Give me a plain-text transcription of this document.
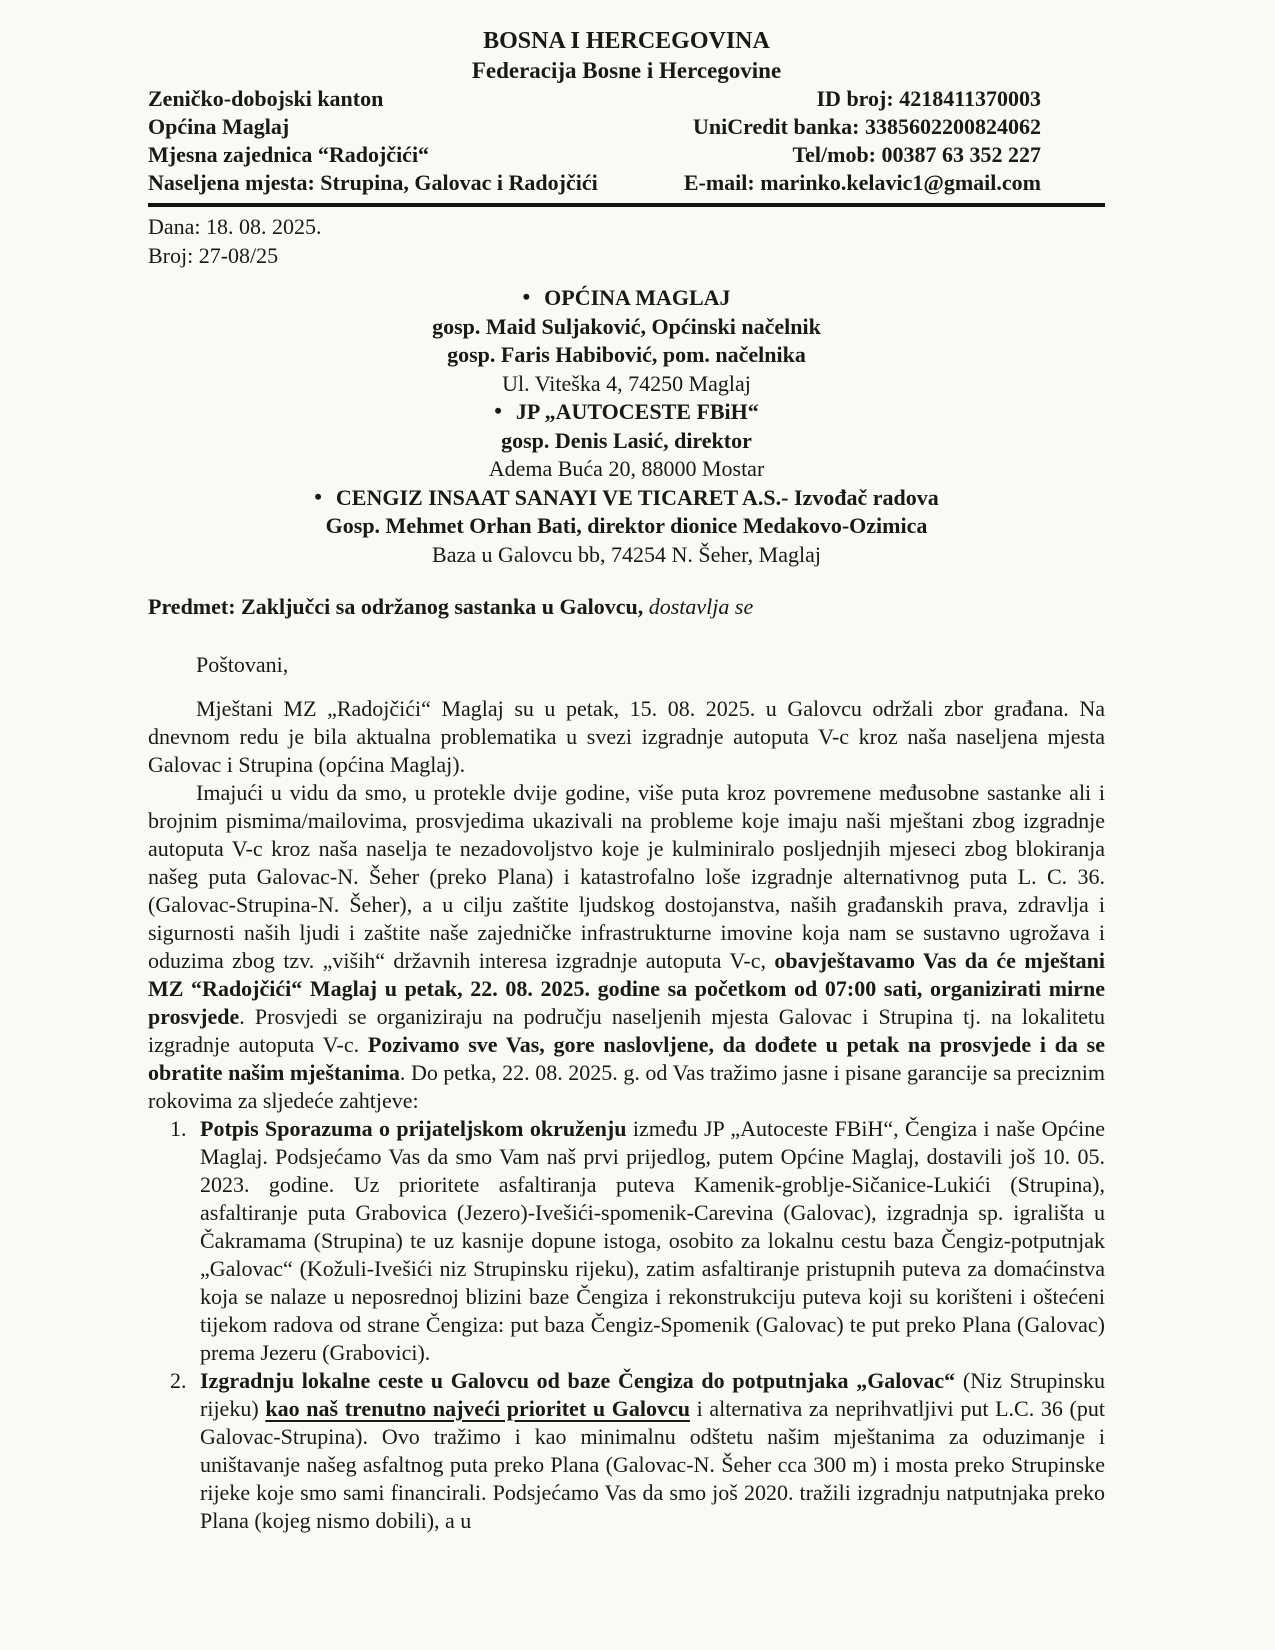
BOSNA I HERCEGOVINA
Federacija Bosne i Hercegovine
Zeničko-dobojski kanton	ID broj: 4218411370003
Općina Maglaj	UniCredit banka: 3385602200824062
Mjesna zajednica “Radojčići“	Tel/mob: 00387 63 352 227
Naseljena mjesta: Strupina, Galovac i Radojčići	E-mail: marinko.kelavic1@gmail.com
Dana: 18. 08. 2025.
Broj: 27-08/25
• OPĆINA MAGLAJ
gosp. Maid Suljaković, Općinski načelnik
gosp. Faris Habibović, pom. načelnika
Ul. Viteška 4, 74250 Maglaj
• JP „AUTOCESTE FBiH“
gosp. Denis Lasić, direktor
Adema Buća 20, 88000 Mostar
• CENGIZ INSAAT SANAYI VE TICARET A.S.- Izvođač radova
Gosp. Mehmet Orhan Bati, direktor dionice Medakovo-Ozimica
Baza u Galovcu bb, 74254 N. Šeher, Maglaj
Predmet: Zaključci sa održanog sastanka u Galovcu, dostavlja se
Poštovani,

Mještani MZ „Radojčići“ Maglaj su u petak, 15. 08. 2025. u Galovcu održali zbor građana. Na dnevnom redu je bila aktualna problematika u svezi izgradnje autoputa V-c kroz naša naseljena mjesta Galovac i Strupina (općina Maglaj).

Imajući u vidu da smo, u protekle dvije godine, više puta kroz povremene međusobne sastanke ali i brojnim pismima/mailovima, prosvjedima ukazivali na probleme koje imaju naši mještani zbog izgradnje autoputa V-c kroz naša naselja te nezadovoljstvo koje je kulminiralo posljednjih mjeseci zbog blokiranja našeg puta Galovac-N. Šeher (preko Plana) i katastrofalno loše izgradnje alternativnog puta L. C. 36. (Galovac-Strupina-N. Šeher), a u cilju zaštite ljudskog dostojanstva, naših građanskih prava, zdravlja i sigurnosti naših ljudi i zaštite naše zajedničke infrastrukturne imovine koja nam se sustavno ugrožava i oduzima zbog tzv. „viših“ državnih interesa izgradnje autoputa V-c, obavještavamo Vas da će mještani MZ “Radojčići“ Maglaj u petak, 22. 08. 2025. godine sa početkom od 07:00 sati, organizirati mirne prosvjede. Prosvjedi se organiziraju na području naseljenih mjesta Galovac i Strupina tj. na lokalitetu izgradnje autoputa V-c. Pozivamo sve Vas, gore naslovljene, da dođete u petak na prosvjede i da se obratite našim mještanima. Do petka, 22. 08. 2025. g. od Vas tražimo jasne i pisane garancije sa preciznim rokovima za sljedeće zahtjeve:

1. Potpis Sporazuma o prijateljskom okruženju između JP „Autoceste FBiH“, Čengiza i naše Općine Maglaj. Podsjećamo Vas da smo Vam naš prvi prijedlog, putem Općine Maglaj, dostavili još 10. 05. 2023. godine. Uz prioritete asfaltiranja puteva Kamenik-groblje-Sičanice-Lukići (Strupina), asfaltiranje puta Grabovica (Jezero)-Ivešići-spomenik-Carevina (Galovac), izgradnja sp. igrališta u Čakramama (Strupina) te uz kasnije dopune istoga, osobito za lokalnu cestu baza Čengiz-potputnjak „Galovac“ (Kožuli-Ivešići niz Strupinsku rijeku), zatim asfaltiranje pristupnih puteva za domaćinstva koja se nalaze u neposrednoj blizini baze Čengiza i rekonstrukciju puteva koji su korišteni i oštećeni tijekom radova od strane Čengiza: put baza Čengiz-Spomenik (Galovac) te put preko Plana (Galovac) prema Jezeru (Grabovici).
2. Izgradnju lokalne ceste u Galovcu od baze Čengiza do potputnjaka „Galovac“ (Niz Strupinsku rijeku) kao naš trenutno najveći prioritet u Galovcu i alternativa za neprihvatljivi put L.C. 36 (put Galovac-Strupina). Ovo tražimo i kao minimalnu odštetu našim mještanima za oduzimanje i uništavanje našeg asfaltnog puta preko Plana (Galovac-N. Šeher cca 300 m) i mosta preko Strupinske rijeke koje smo sami financirali. Podsjećamo Vas da smo još 2020. tražili izgradnju natputnjaka preko Plana (kojeg nismo dobili), a u
